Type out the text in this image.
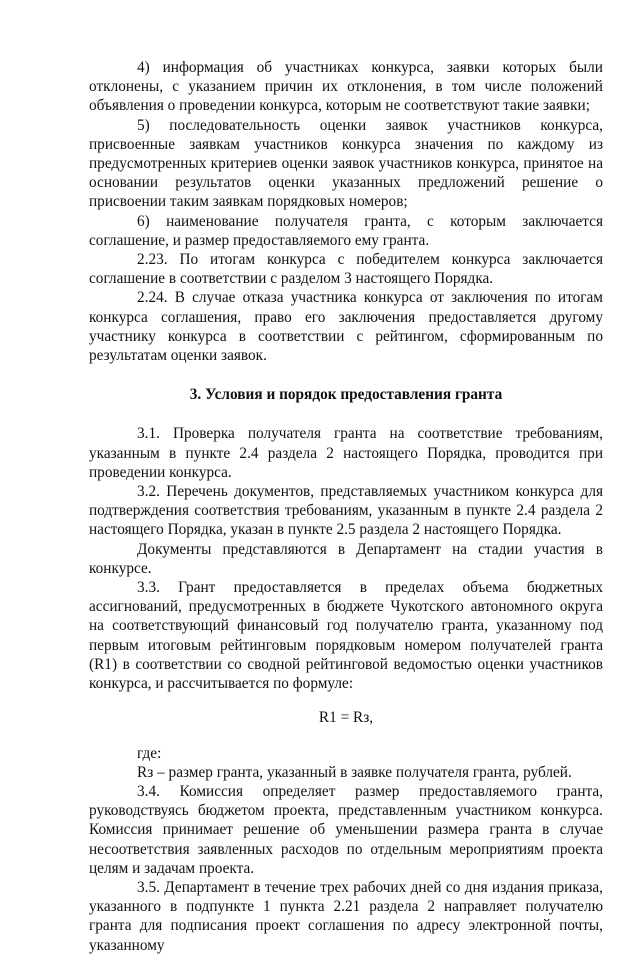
4) информация об участниках конкурса, заявки которых были отклонены, с указанием причин их отклонения, в том числе положений объявления о проведении конкурса, которым не соответствуют такие заявки;

5) последовательность оценки заявок участников конкурса, присвоенные заявкам участников конкурса значения по каждому из предусмотренных критериев оценки заявок участников конкурса, принятое на основании результатов оценки указанных предложений решение о присвоении таким заявкам порядковых номеров;

6) наименование получателя гранта, с которым заключается соглашение, и размер предоставляемого ему гранта.

2.23. По итогам конкурса с победителем конкурса заключается соглашение в соответствии с разделом 3 настоящего Порядка.

2.24. В случае отказа участника конкурса от заключения по итогам конкурса соглашения, право его заключения предоставляется другому участнику конкурса в соответствии с рейтингом, сформированным по результатам оценки заявок.

3. Условия и порядок предоставления гранта

3.1. Проверка получателя гранта на соответствие требованиям, указанным в пункте 2.4 раздела 2 настоящего Порядка, проводится при проведении конкурса.

3.2. Перечень документов, представляемых участником конкурса для подтверждения соответствия требованиям, указанным в пункте 2.4 раздела 2 настоящего Порядка, указан в пункте 2.5 раздела 2 настоящего Порядка.

Документы представляются в Департамент на стадии участия в конкурсе.

3.3. Грант предоставляется в пределах объема бюджетных ассигнований, предусмотренных в бюджете Чукотского автономного округа на соответствующий финансовый год получателю гранта, указанному под первым итоговым рейтинговым порядковым номером получателей гранта (R1) в соответствии со сводной рейтинговой ведомостью оценки участников конкурса, и рассчитывается по формуле:

R1 = Rз,

где:

Rз – размер гранта, указанный в заявке получателя гранта, рублей.

3.4. Комиссия определяет размер предоставляемого гранта, руководствуясь бюджетом проекта, представленным участником конкурса. Комиссия принимает решение об уменьшении размера гранта в случае несоответствия заявленных расходов по отдельным мероприятиям проекта целям и задачам проекта.

3.5. Департамент в течение трех рабочих дней со дня издания приказа, указанного в подпункте 1 пункта 2.21 раздела 2 направляет получателю гранта для подписания проект соглашения по адресу электронной почты, указанному
